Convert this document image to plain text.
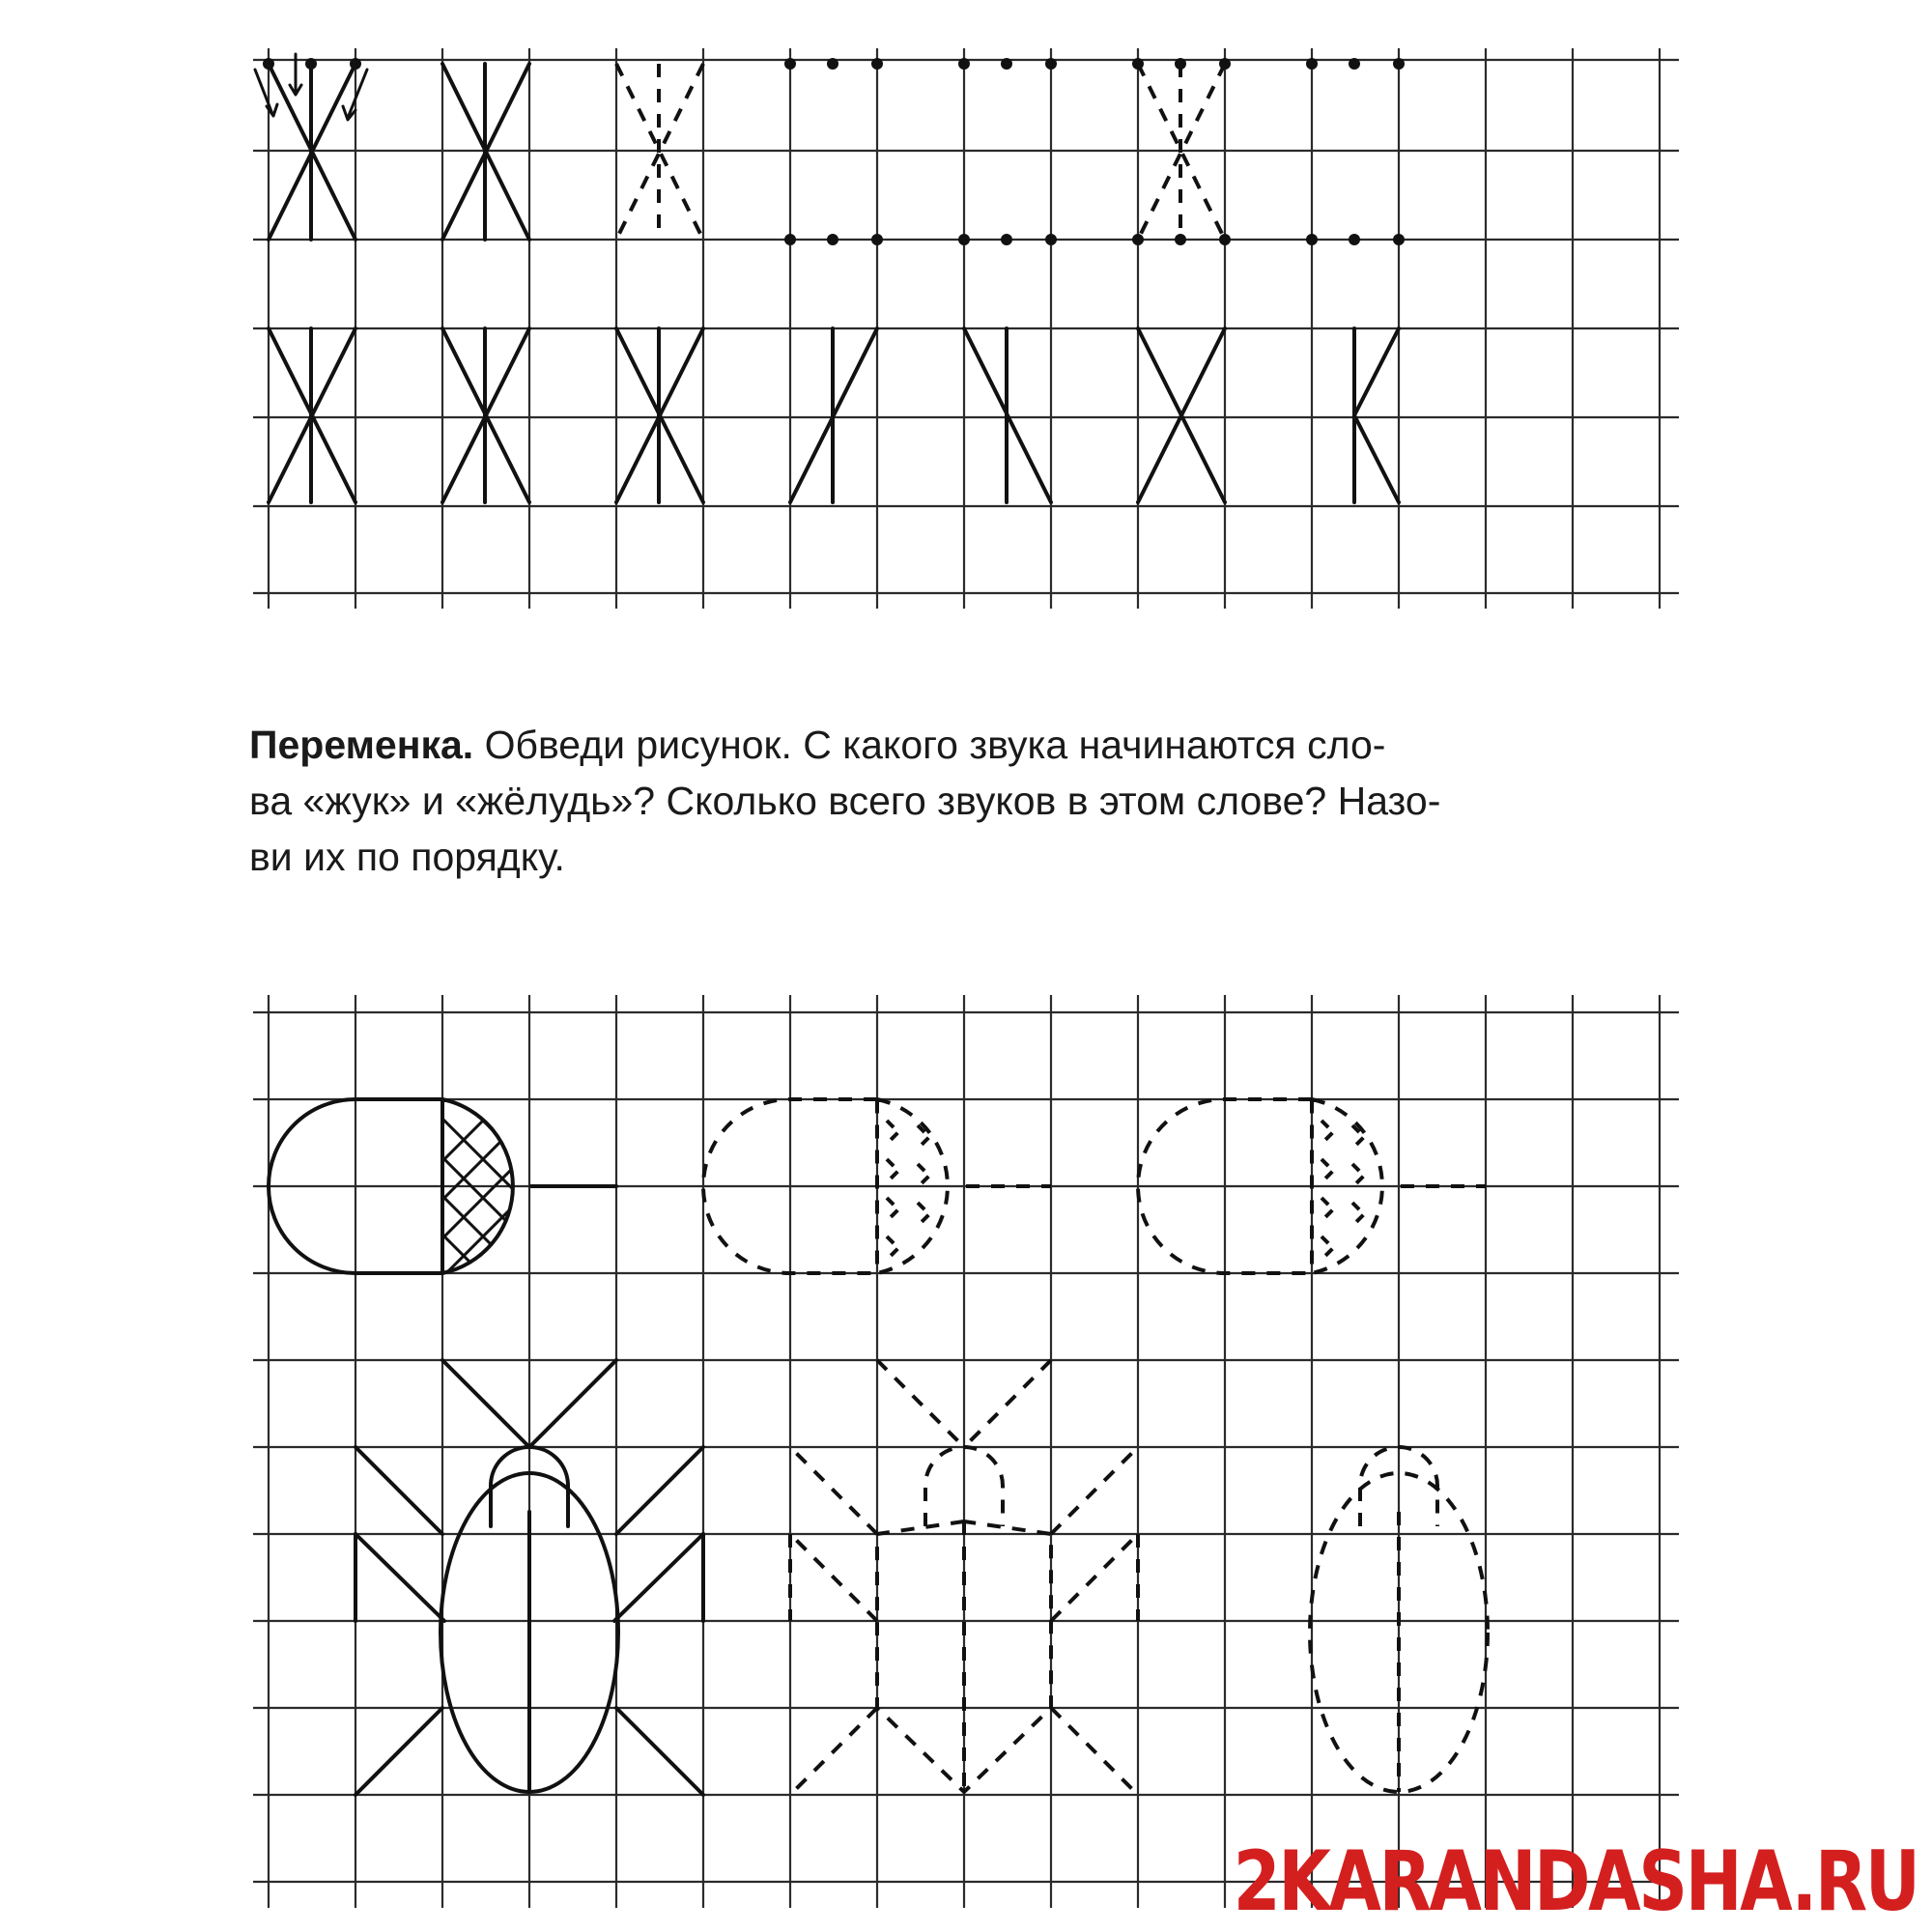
Переменка. Обведи рисунок. С какого звука начинаются сло-
ва «жук» и «жёлудь»? Сколько всего звуков в этом слове? Назо-
ви их по порядку.
2KARANDASHA.RU
